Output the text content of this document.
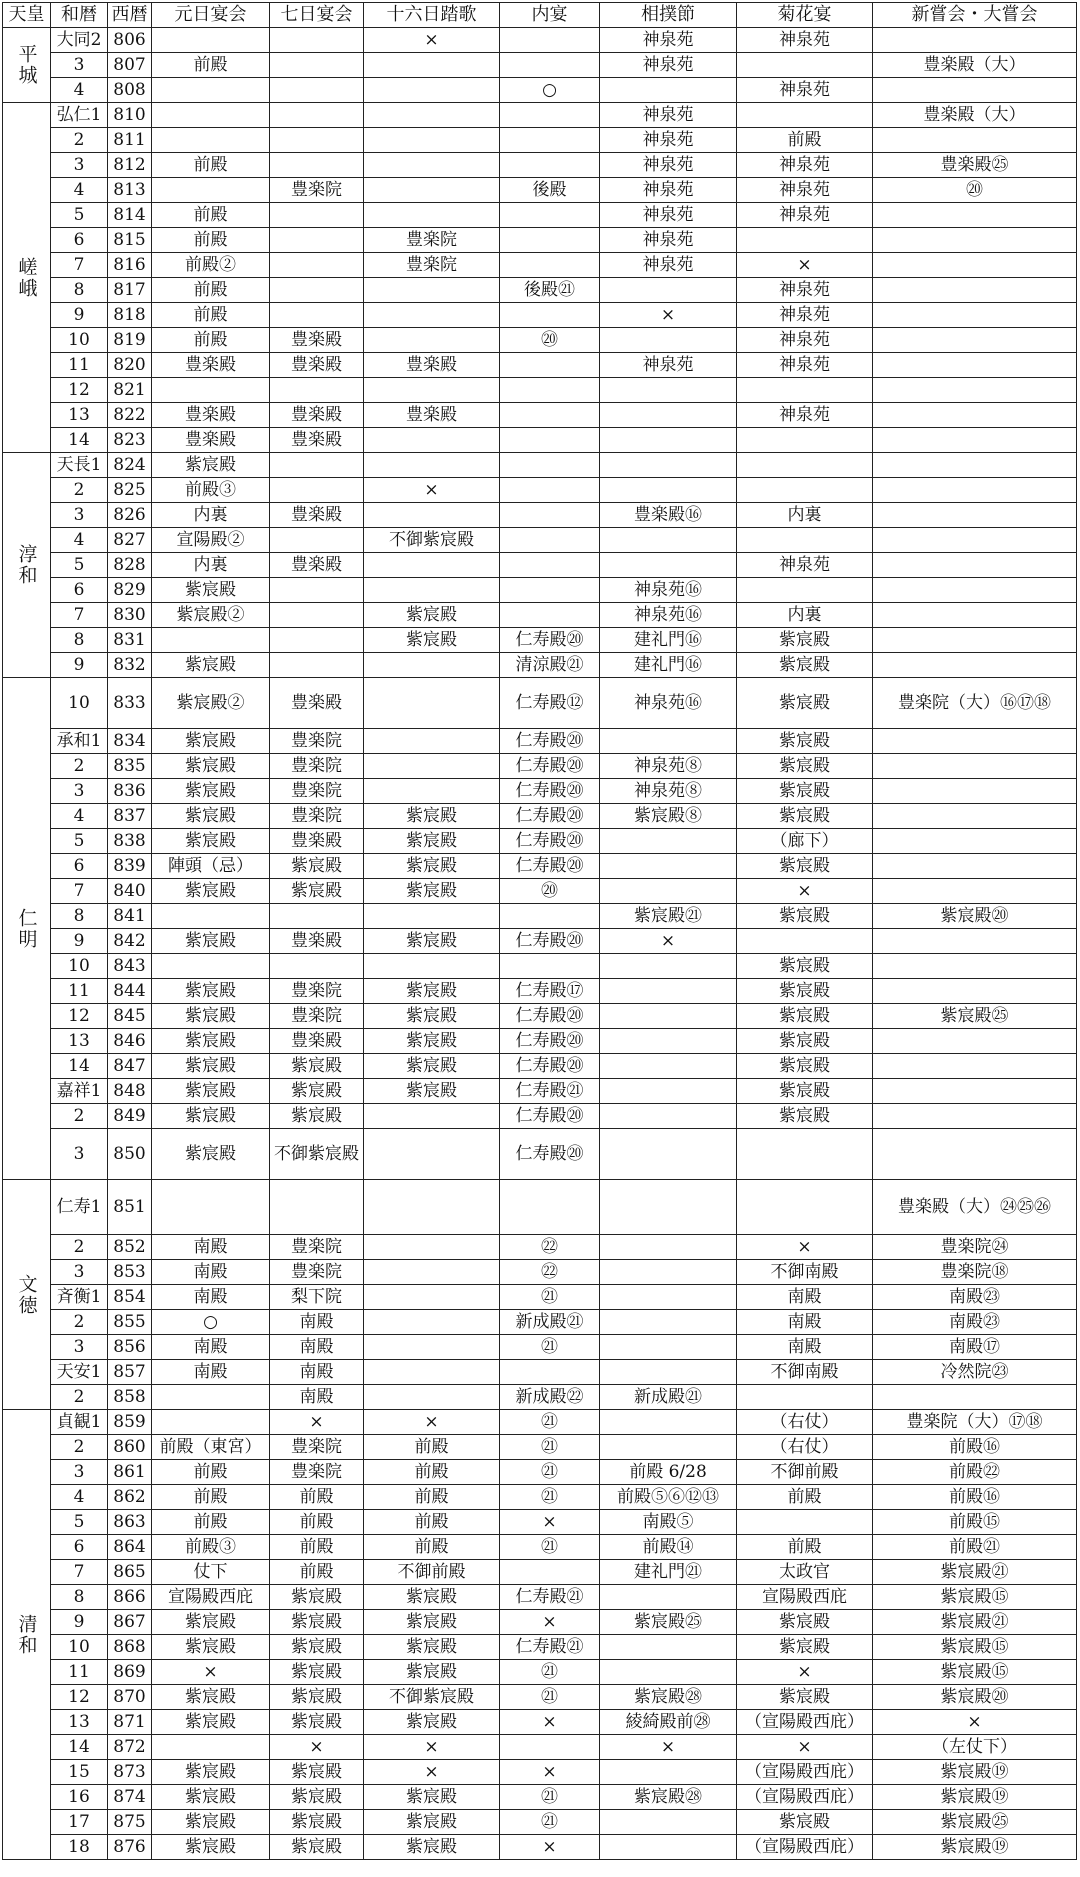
天皇	和暦	西暦	元日宴会	七日宴会	十六日踏歌	内宴	相撲節	菊花宴	新嘗会・大嘗会
平城	大同2	806			×		神泉苑	神泉苑	
	3	807	前殿				神泉苑		豊楽殿（大）
	4	808				○		神泉苑	
嵯峨	弘仁1	810					神泉苑		豊楽殿（大）
	2	811					神泉苑	前殿	
	3	812	前殿				神泉苑	神泉苑	豊楽殿㉕
	4	813		豊楽院		後殿	神泉苑	神泉苑	⑳
	5	814	前殿				神泉苑	神泉苑	
	6	815	前殿		豊楽院		神泉苑		
	7	816	前殿②		豊楽院		神泉苑	×	
	8	817	前殿			後殿㉑		神泉苑	
	9	818	前殿				×	神泉苑	
	10	819	前殿	豊楽殿		⑳		神泉苑	
	11	820	豊楽殿	豊楽殿	豊楽殿		神泉苑	神泉苑	
	12	821							
	13	822	豊楽殿	豊楽殿	豊楽殿			神泉苑	
	14	823	豊楽殿	豊楽殿					
淳和	天長1	824	紫宸殿						
	2	825	前殿③		×				
	3	826	内裏	豊楽殿			豊楽殿⑯	内裏	
	4	827	宣陽殿②		不御紫宸殿				
	5	828	内裏	豊楽殿				神泉苑	
	6	829	紫宸殿				神泉苑⑯		
	7	830	紫宸殿②		紫宸殿		神泉苑⑯	内裏	
	8	831			紫宸殿	仁寿殿⑳	建礼門⑯	紫宸殿	
	9	832	紫宸殿			清涼殿㉑	建礼門⑯	紫宸殿	
仁明	10	833	紫宸殿②	豊楽殿		仁寿殿⑫	神泉苑⑯	紫宸殿	豊楽院（大）⑯⑰⑱
	承和1	834	紫宸殿	豊楽院		仁寿殿⑳		紫宸殿	
	2	835	紫宸殿	豊楽院		仁寿殿⑳	神泉苑⑧	紫宸殿	
	3	836	紫宸殿	豊楽院		仁寿殿⑳	神泉苑⑧	紫宸殿	
	4	837	紫宸殿	豊楽院	紫宸殿	仁寿殿⑳	紫宸殿⑧	紫宸殿	
	5	838	紫宸殿	豊楽殿	紫宸殿	仁寿殿⑳		（廊下）	
	6	839	陣頭（忌）	紫宸殿	紫宸殿	仁寿殿⑳		紫宸殿	
	7	840	紫宸殿	紫宸殿	紫宸殿	⑳		×	
	8	841					紫宸殿㉑	紫宸殿	紫宸殿⑳
	9	842	紫宸殿	豊楽殿	紫宸殿	仁寿殿⑳	×		
	10	843						紫宸殿	
	11	844	紫宸殿	豊楽院	紫宸殿	仁寿殿⑰		紫宸殿	
	12	845	紫宸殿	豊楽院	紫宸殿	仁寿殿⑳		紫宸殿	紫宸殿㉕
	13	846	紫宸殿	豊楽殿	紫宸殿	仁寿殿⑳		紫宸殿	
	14	847	紫宸殿	紫宸殿	紫宸殿	仁寿殿⑳		紫宸殿	
	嘉祥1	848	紫宸殿	紫宸殿	紫宸殿	仁寿殿㉑		紫宸殿	
	2	849	紫宸殿	紫宸殿		仁寿殿⑳		紫宸殿	
	3	850	紫宸殿	不御紫宸殿		仁寿殿⑳			
文徳	仁寿1	851							豊楽殿（大）㉔㉕㉖
	2	852	南殿	豊楽院		㉒		×	豊楽院㉔
	3	853	南殿	豊楽院		㉒		不御南殿	豊楽院⑱
	斉衡1	854	南殿	梨下院		㉑		南殿	南殿㉓
	2	855	○	南殿		新成殿㉑		南殿	南殿㉓
	3	856	南殿	南殿		㉑		南殿	南殿⑰
	天安1	857	南殿	南殿				不御南殿	冷然院㉓
	2	858		南殿		新成殿㉒	新成殿㉑		
清和	貞観1	859		×	×	㉑		（右仗）	豊楽院（大）⑰⑱
	2	860	前殿（東宮）	豊楽院	前殿	㉑		（右仗）	前殿⑯
	3	861	前殿	豊楽院	前殿	㉑	前殿 6/28	不御前殿	前殿㉒
	4	862	前殿	前殿	前殿	㉑	前殿⑤⑥⑫⑬	前殿	前殿⑯
	5	863	前殿	前殿	前殿	×	南殿⑤		前殿⑮
	6	864	前殿③	前殿	前殿	㉑	前殿⑭	前殿	前殿㉑
	7	865	仗下	前殿	不御前殿		建礼門㉑	太政官	紫宸殿㉑
	8	866	宣陽殿西庇	紫宸殿	紫宸殿	仁寿殿㉑		宣陽殿西庇	紫宸殿⑮
	9	867	紫宸殿	紫宸殿	紫宸殿	×	紫宸殿㉕	紫宸殿	紫宸殿㉑
	10	868	紫宸殿	紫宸殿	紫宸殿	仁寿殿㉑		紫宸殿	紫宸殿⑮
	11	869	×	紫宸殿	紫宸殿	㉑		×	紫宸殿⑮
	12	870	紫宸殿	紫宸殿	不御紫宸殿	㉑	紫宸殿㉘	紫宸殿	紫宸殿⑳
	13	871	紫宸殿	紫宸殿	紫宸殿	×	綾綺殿前㉘	（宣陽殿西庇）	×
	14	872		×	×		×	×	（左仗下）
	15	873	紫宸殿	紫宸殿	×	×		（宣陽殿西庇）	紫宸殿⑲
	16	874	紫宸殿	紫宸殿	紫宸殿	㉑	紫宸殿㉘	（宣陽殿西庇）	紫宸殿⑲
	17	875	紫宸殿	紫宸殿	紫宸殿	㉑		紫宸殿	紫宸殿㉕
	18	876	紫宸殿	紫宸殿	紫宸殿	×		（宣陽殿西庇）	紫宸殿⑲
